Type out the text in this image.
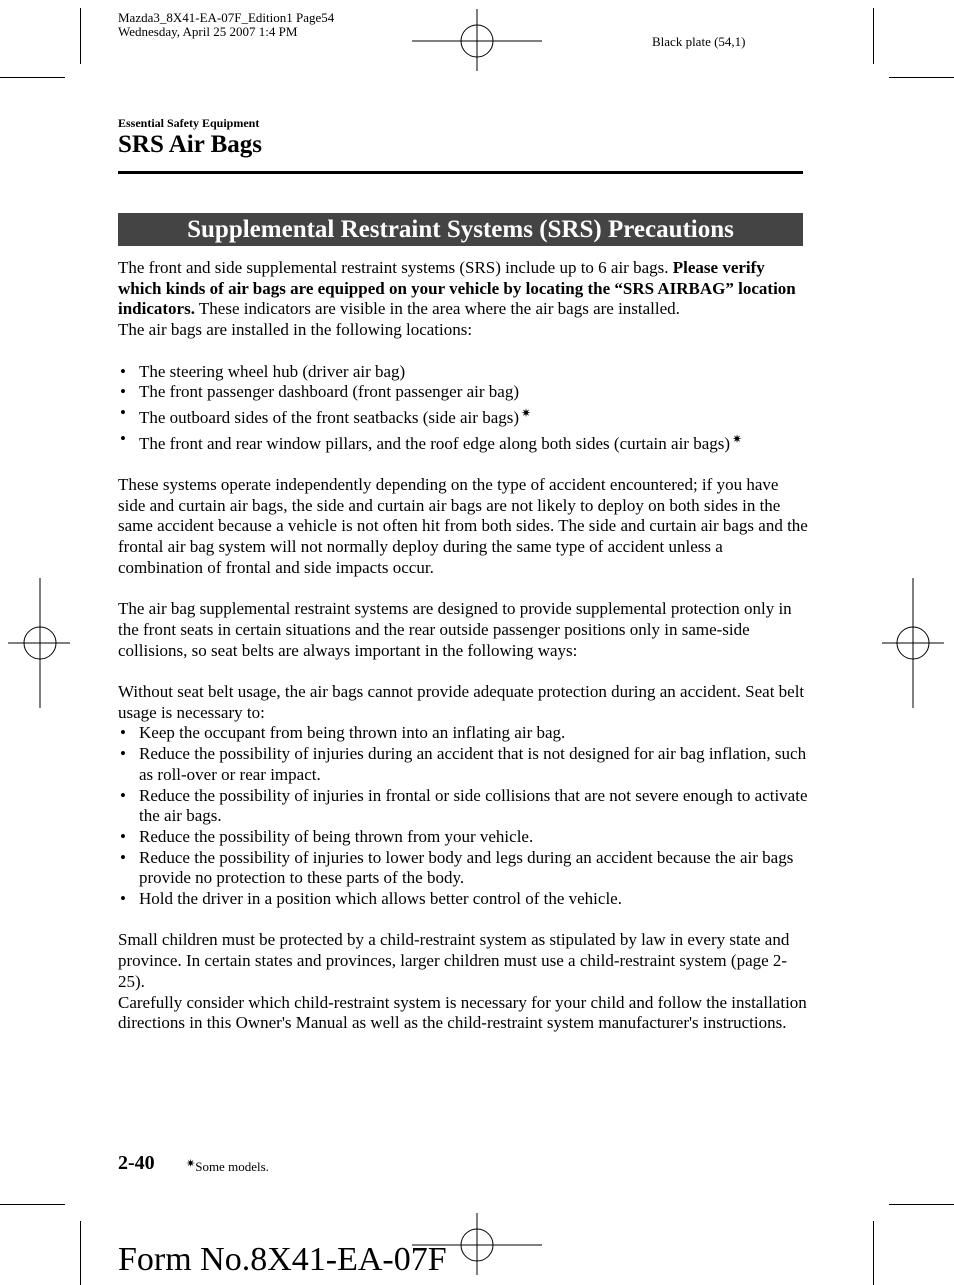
Mazda3_8X41-EA-07F_Edition1 Page54
Wednesday, April 25 2007 1:4 PM
Black plate (54,1)
Essential Safety Equipment
SRS Air Bags
Supplemental Restraint Systems (SRS) Precautions

The front and side supplemental restraint systems (SRS) include up to 6 air bags. Please verify which kinds of air bags are equipped on your vehicle by locating the “SRS AIRBAG” location indicators. These indicators are visible in the area where the air bags are installed.

The air bags are installed in the following locations:

• The steering wheel hub (driver air bag)
• The front passenger dashboard (front passenger air bag)
• The outboard sides of the front seatbacks (side air bags) ✷
• The front and rear window pillars, and the roof edge along both sides (curtain air bags) ✷

These systems operate independently depending on the type of accident encountered; if you have side and curtain air bags, the side and curtain air bags are not likely to deploy on both sides in the same accident because a vehicle is not often hit from both sides. The side and curtain air bags and the frontal air bag system will not normally deploy during the same type of accident unless a combination of frontal and side impacts occur.

The air bag supplemental restraint systems are designed to provide supplemental protection only in the front seats in certain situations and the rear outside passenger positions only in same-side collisions, so seat belts are always important in the following ways:

Without seat belt usage, the air bags cannot provide adequate protection during an accident. Seat belt usage is necessary to:

• Keep the occupant from being thrown into an inflating air bag.
• Reduce the possibility of injuries during an accident that is not designed for air bag inflation, such as roll-over or rear impact.
• Reduce the possibility of injuries in frontal or side collisions that are not severe enough to activate the air bags.
• Reduce the possibility of being thrown from your vehicle.
• Reduce the possibility of injuries to lower body and legs during an accident because the air bags provide no protection to these parts of the body.
• Hold the driver in a position which allows better control of the vehicle.

Small children must be protected by a child-restraint system as stipulated by law in every state and province. In certain states and provinces, larger children must use a child-restraint system (page 2-25).

Carefully consider which child-restraint system is necessary for your child and follow the installation directions in this Owner's Manual as well as the child-restraint system manufacturer's instructions.

2-40	✷Some models.
Form No.8X41-EA-07F
